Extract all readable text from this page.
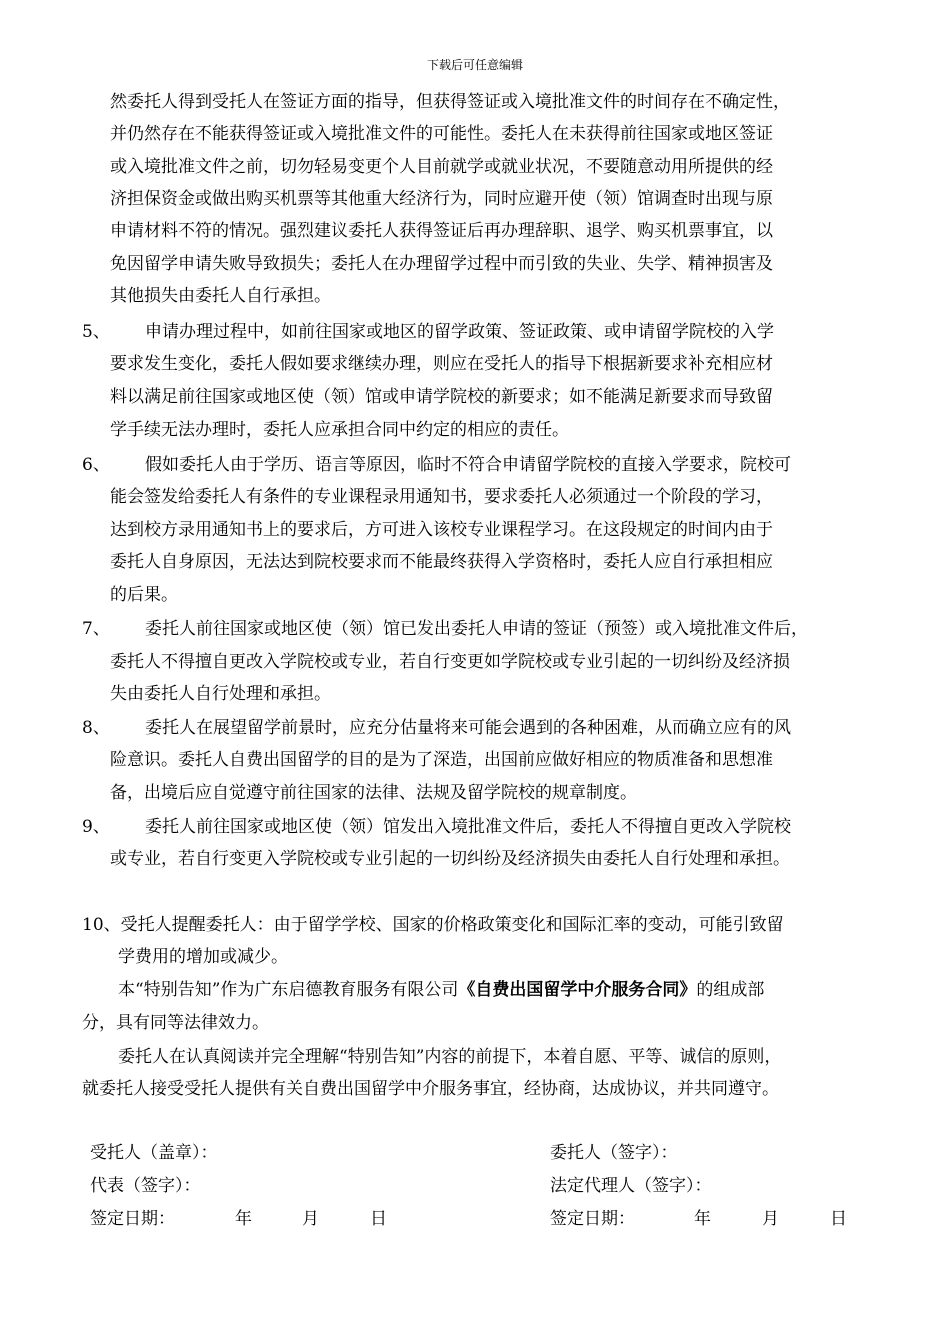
下载后可任意编辑
然委托人得到受托人在签证方面的指导，但获得签证或入境批准文件的时间存在不确定性，
并仍然存在不能获得签证或入境批准文件的可能性。委托人在未获得前往国家或地区签证
或入境批准文件之前，切勿轻易变更个人目前就学或就业状况，不要随意动用所提供的经
济担保资金或做出购买机票等其他重大经济行为，同时应避开使（领）馆调查时出现与原
申请材料不符的情况。强烈建议委托人获得签证后再办理辞职、退学、购买机票事宜，以
免因留学申请失败导致损失；委托人在办理留学过程中而引致的失业、失学、精神损害及
其他损失由委托人自行承担。
5、 申请办理过程中，如前往国家或地区的留学政策、签证政策、或申请留学院校的入学
要求发生变化，委托人假如要求继续办理，则应在受托人的指导下根据新要求补充相应材
料以满足前往国家或地区使（领）馆或申请学院校的新要求；如不能满足新要求而导致留
学手续无法办理时，委托人应承担合同中约定的相应的责任。
6、 假如委托人由于学历、语言等原因，临时不符合申请留学院校的直接入学要求，院校可
能会签发给委托人有条件的专业课程录用通知书，要求委托人必须通过一个阶段的学习，
达到校方录用通知书上的要求后，方可进入该校专业课程学习。在这段规定的时间内由于
委托人自身原因，无法达到院校要求而不能最终获得入学资格时，委托人应自行承担相应
的后果。
7、 委托人前往国家或地区使（领）馆已发出委托人申请的签证（预签）或入境批准文件后，
委托人不得擅自更改入学院校或专业，若自行变更如学院校或专业引起的一切纠纷及经济损
失由委托人自行处理和承担。
8、 委托人在展望留学前景时，应充分估量将来可能会遇到的各种困难，从而确立应有的风
险意识。委托人自费出国留学的目的是为了深造，出国前应做好相应的物质准备和思想准
备，出境后应自觉遵守前往国家的法律、法规及留学院校的规章制度。
9、 委托人前往国家或地区使（领）馆发出入境批准文件后，委托人不得擅自更改入学院校
或专业，若自行变更入学院校或专业引起的一切纠纷及经济损失由委托人自行处理和承担。
10、受托人提醒委托人：由于留学学校、国家的价格政策变化和国际汇率的变动，可能引致留
学费用的增加或减少。
本“特别告知”作为广东启德教育服务有限公司《自费出国留学中介服务合同》的组成部
分，具有同等法律效力。
委托人在认真阅读并完全理解“特别告知”内容的前提下，本着自愿、平等、诚信的原则，
就委托人接受受托人提供有关自费出国留学中介服务事宜，经协商，达成协议，并共同遵守。
受托人（盖章）：
代表（签字）：
签定日期：	年	月	日
委托人（签字）：
法定代理人（签字）：
签定日期：	年	月	日
